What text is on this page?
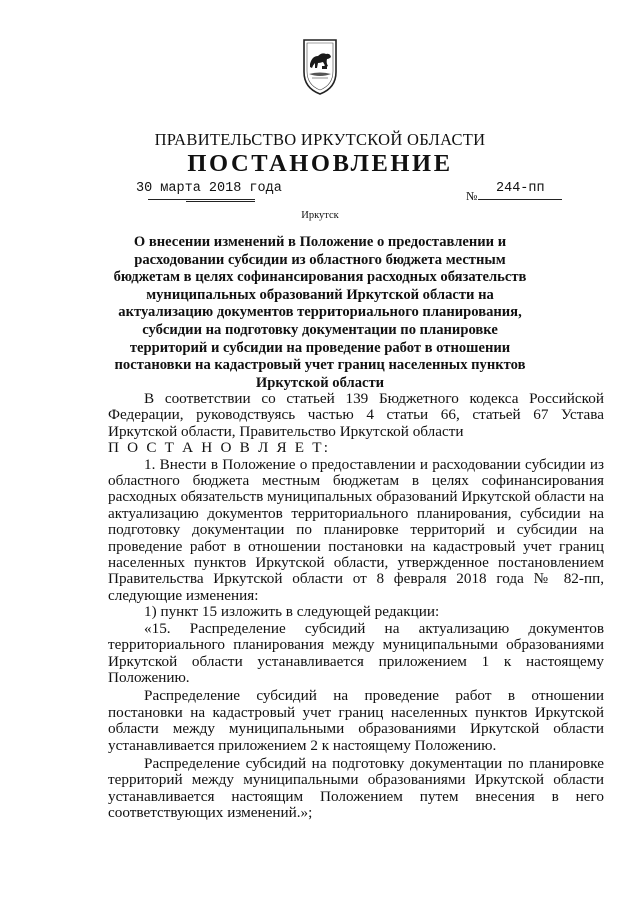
ПРАВИТЕЛЬСТВО ИРКУТСКОЙ ОБЛАСТИ
ПОСТАНОВЛЕНИЕ
30 марта 2018 года	№ 244-пп
Иркутск

О внесении изменений в Положение о предоставлении и расходовании субсидии из областного бюджета местным бюджетам в целях софинансирования расходных обязательств муниципальных образований Иркутской области на актуализацию документов территориального планирования, субсидии на подготовку документации по планировке территорий и субсидии на проведение работ в отношении постановки на кадастровый учет границ населенных пунктов Иркутской области

В соответствии со статьей 139 Бюджетного кодекса Российской Федерации, руководствуясь частью 4 статьи 66, статьей 67 Устава Иркутской области, Правительство Иркутской области

П О С Т А Н О В Л Я Е Т:

1. Внести в Положение о предоставлении и расходовании субсидии из областного бюджета местным бюджетам в целях софинансирования расходных обязательств муниципальных образований Иркутской области на актуализацию документов территориального планирования, субсидии на подготовку документации по планировке территорий и субсидии на проведение работ в отношении постановки на кадастровый учет границ населенных пунктов Иркутской области, утвержденное постановлением Правительства Иркутской области от 8 февраля 2018 года № 82-пп, следующие изменения:

1) пункт 15 изложить в следующей редакции:

«15. Распределение субсидий на актуализацию документов территориального планирования между муниципальными образованиями Иркутской области устанавливается приложением 1 к настоящему Положению.

Распределение субсидий на проведение работ в отношении постановки на кадастровый учет границ населенных пунктов Иркутской области между муниципальными образованиями Иркутской области устанавливается приложением 2 к настоящему Положению.

Распределение субсидий на подготовку документации по планировке территорий между муниципальными образованиями Иркутской области устанавливается настоящим Положением путем внесения в него соответствующих изменений.»;
